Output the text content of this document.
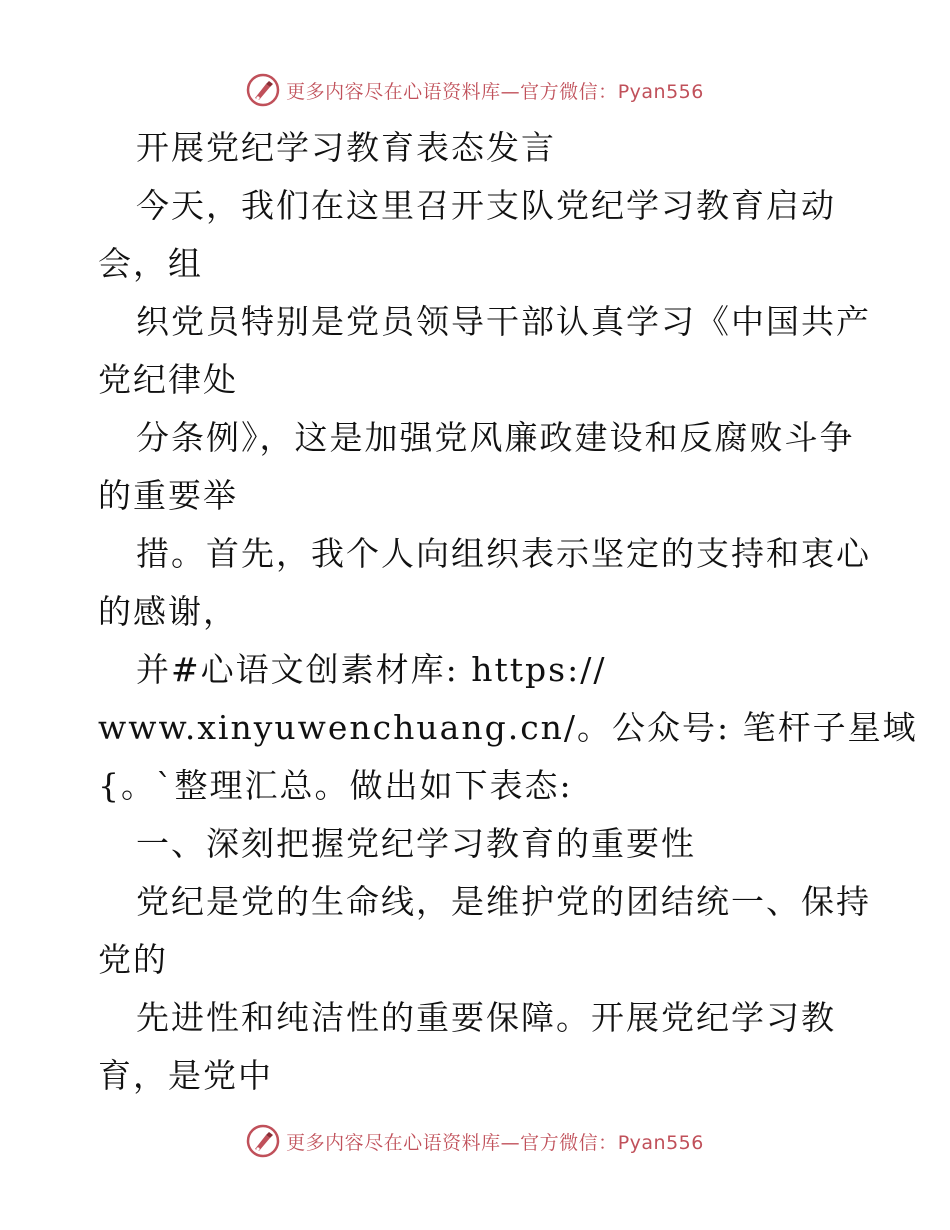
更多内容尽在心语资料库—官方微信：Pyan556
开展党纪学习教育表态发言
今天，我们在这里召开支队党纪学习教育启动
会，组
织党员特别是党员领导干部认真学习《中国共产
党纪律处
分条例》，这是加强党风廉政建设和反腐败斗争
的重要举
措。首先，我个人向组织表示坚定的支持和衷心
的感谢，
并#心语文创素材库: https://
www.xinyuwenchuang.cn/。公众号: 笔杆子星域
{。`整理汇总。做出如下表态:
一、深刻把握党纪学习教育的重要性
党纪是党的生命线，是维护党的团结统一、保持
党的
先进性和纯洁性的重要保障。开展党纪学习教
育，是党中
更多内容尽在心语资料库—官方微信：Pyan556
